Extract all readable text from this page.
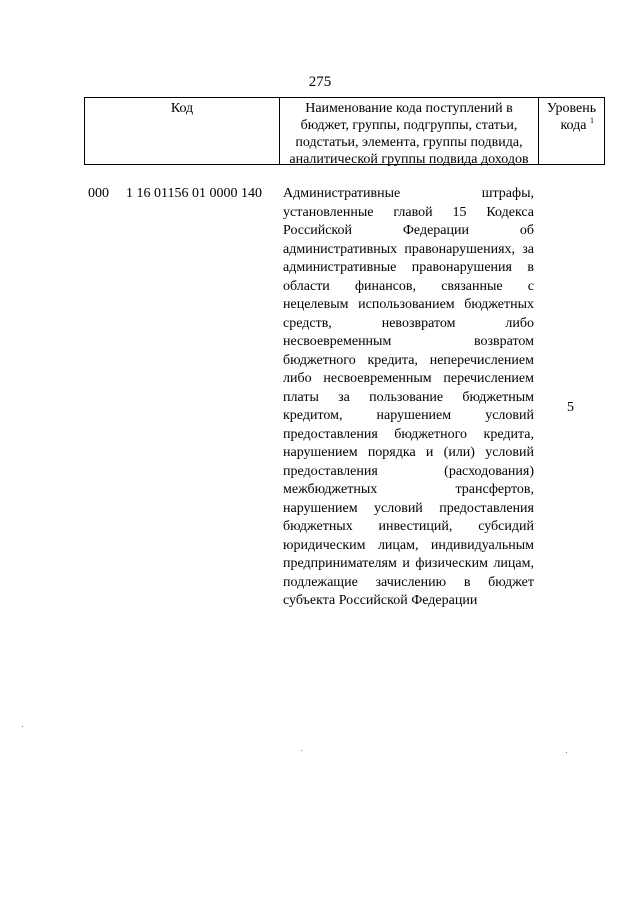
275
Код	Наименование кода поступлений в
бюджет, группы, подгруппы, статьи,
подстатьи, элемента, группы подвида,
аналитической группы подвида доходов
Уровень
кода $^1$
000 1 16 01156 01 0000 140 Административные штрафы,
установленные главой 15 Кодекса
Российской Федерации об
административных правонарушениях, за
административные правонарушения в
области финансов, связанные с
нецелевым использованием бюджетных
средств, невозвратом либо
несвоевременным возвратом
бюджетного кредита, неперечислением
либо несвоевременным перечислением
платы за пользование бюджетным
кредитом, нарушением условий
предоставления бюджетного кредита,
нарушением порядка и (или) условий
предоставления (расходования)
межбюджетных трансфертов,
нарушением условий предоставления
бюджетных инвестиций, субсидий
юридическим лицам, индивидуальным
предпринимателям и физическим лицам,
подлежащие зачислению в бюджет
субъекта Российской Федерации
5
